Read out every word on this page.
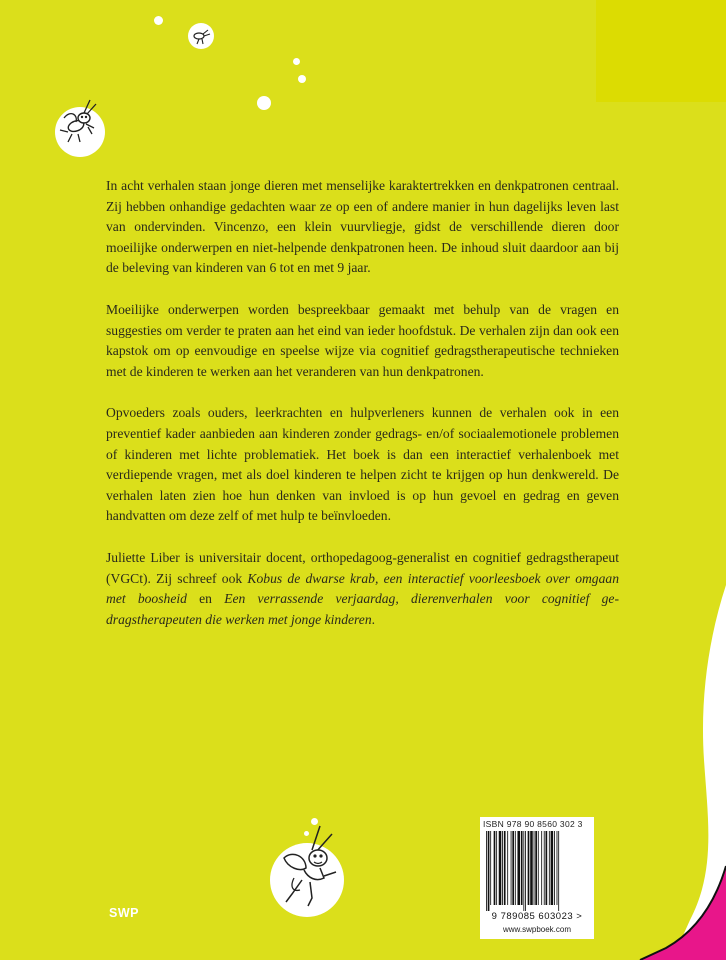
In acht verhalen staan jonge dieren met menselijke karaktertrekken en denkpatronen centraal. Zij hebben onhandige gedachten waar ze op een of andere manier in hun dagelijks leven last van ondervinden. Vincenzo, een klein vuurvliegje, gidst de verschillende dieren door moeilijke onderwerpen en niet-helpende denkpatronen heen. De inhoud sluit daardoor aan bij de beleving van kinderen van 6 tot en met 9 jaar.

Moeilijke onderwerpen worden bespreekbaar gemaakt met behulp van de vragen en suggesties om verder te praten aan het eind van ieder hoofdstuk. De verhalen zijn dan ook een kapstok om op eenvoudige en speelse wijze via cognitief gedragstherapeutische technieken met de kinderen te werken aan het veranderen van hun denkpatronen.

Opvoeders zoals ouders, leerkrachten en hulpverleners kunnen de verhalen ook in een preventief kader aanbieden aan kinderen zonder gedrags- en/of sociaalemotionele problemen of kinderen met lichte problematiek. Het boek is dan een interactief verhalenboek met verdiepende vragen, met als doel kinderen te helpen zicht te krijgen op hun denkwereld. De verhalen laten zien hoe hun denken van invloed is op hun gevoel en gedrag en geven handvatten om deze zelf of met hulp te beïnvloeden.

Juliette Liber is universitair docent, orthopedagoog-generalist en cognitief gedragstherapeut (VGCt). Zij schreef ook Kobus de dwarse krab, een interactief voorleesboek over omgaan met boosheid en Een verrassende verjaardag, dierenverhalen voor cognitief gedragstherapeuten die werken met jonge kinderen.

ISBN 978 90 8560 302 3
9 789085 603023 >
www.swpboek.com
SWP
